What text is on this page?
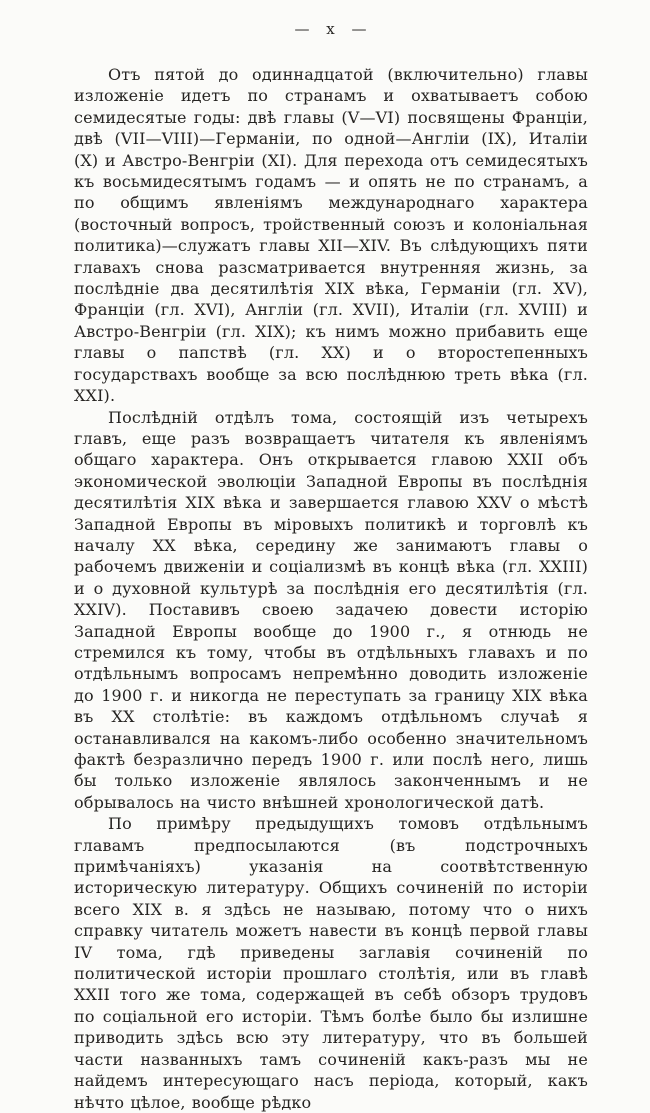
— x —

Отъ пятой до одиннадцатой (включительно) главы изложеніе идетъ по странамъ и охватываетъ собою семидесятые годы: двѣ главы (V—VI) посвящены Франціи, двѣ (VII—VIII)—Германіи, по одной—Англіи (IX), Италіи (X) и Австро-Венгріи (XI). Для перехода отъ семидесятыхъ къ восьмидесятымъ годамъ — и опять не по странамъ, а по общимъ явленіямъ международнаго характера (восточный вопросъ, тройственный союзъ и колоніальная политика)—служатъ главы XII—XIV. Въ слѣдующихъ пяти главахъ снова разсматривается внутренняя жизнь, за послѣдніе два десятилѣтія XIX вѣка, Германіи (гл. XV), Франціи (гл. XVI), Англіи (гл. XVII), Италіи (гл. XVIII) и Австро-Венгріи (гл. XIX); къ нимъ можно прибавить еще главы о папствѣ (гл. XX) и о второстепенныхъ государствахъ вообще за всю послѣднюю треть вѣка (гл. XXI).

Послѣдній отдѣлъ тома, состоящій изъ четырехъ главъ, еще разъ возвращаетъ читателя къ явленіямъ общаго характера. Онъ открывается главою XXII объ экономической эволюціи Западной Европы въ послѣднія десятилѣтія XIX вѣка и завершается главою XXV о мѣстѣ Западной Европы въ міровыхъ политикѣ и торговлѣ къ началу XX вѣка, середину же занимаютъ главы о рабочемъ движеніи и соціализмѣ въ концѣ вѣка (гл. XXIII) и о духовной культурѣ за послѣднія его десятилѣтія (гл. XXIV). Поставивъ своею задачею довести исторію Западной Европы вообще до 1900 г., я отнюдь не стремился къ тому, чтобы въ отдѣльныхъ главахъ и по отдѣльнымъ вопросамъ непремѣнно доводить изложеніе до 1900 г. и никогда не переступать за границу XIX вѣка въ XX столѣтіе: въ каждомъ отдѣльномъ случаѣ я останавливался на какомъ-либо особенно значительномъ фактѣ безразлично передъ 1900 г. или послѣ него, лишь бы только изложеніе являлось законченнымъ и не обрывалось на чисто внѣшней хронологической датѣ.

По примѣру предыдущихъ томовъ отдѣльнымъ главамъ предпосылаются (въ подстрочныхъ примѣчаніяхъ) указанія на соотвѣтственную историческую литературу. Общихъ сочиненій по исторіи всего XIX в. я здѣсь не называю, потому что о нихъ справку читатель можетъ навести въ концѣ первой главы IV тома, гдѣ приведены заглавія сочиненій по политической исторіи прошлаго столѣтія, или въ главѣ XXII того же тома, содержащей въ себѣ обзоръ трудовъ по соціальной его исторіи. Тѣмъ болѣе было бы излишне приводить здѣсь всю эту литературу, что въ большей части названныхъ тамъ сочиненій какъ-разъ мы не найдемъ интересующаго насъ періода, который, какъ нѣчто цѣлое, вообще рѣдко
